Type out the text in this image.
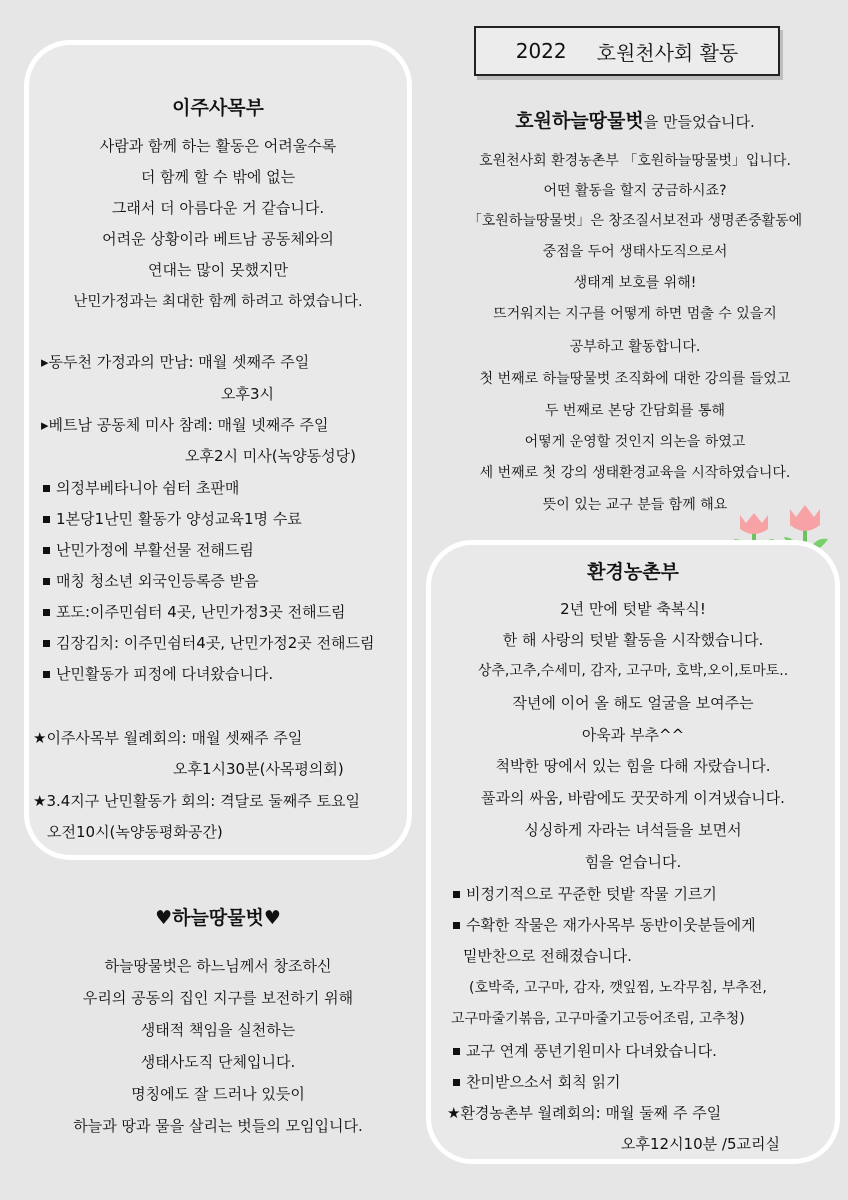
2022 호원천사회 활동
이주사목부
사람과 함께 하는 활동은 어려울수록
더 함께 할 수 밖에 없는
그래서 더 아름다운 거 같습니다.
어려운 상황이라 베트남 공동체와의
연대는 많이 못했지만
난민가정과는 최대한 함께 하려고 하였습니다.
▸동두천 가정과의 만남: 매월 셋째주 주일
오후3시
▸베트남 공동체 미사 참례: 매월 넷째주 주일
오후2시 미사(녹양동성당)
의정부베타니아 쉼터 초판매
1본당1난민 활동가 양성교육1명 수료
난민가정에 부활선물 전해드림
매칭 청소년 외국인등록증 받음
포도:이주민쉼터 4곳, 난민가정3곳 전해드림
김장김치: 이주민쉼터4곳, 난민가정2곳 전해드림
난민활동가 피정에 다녀왔습니다.
★이주사목부 월례회의: 매월 셋째주 주일
오후1시30분(사목평의회)
★3.4지구 난민활동가 회의: 격달로 둘째주 토요일
오전10시(녹양동평화공간)
♥하늘땅물벗♥
하늘땅물벗은 하느님께서 창조하신
우리의 공동의 집인 지구를 보전하기 위해
생태적 책임을 실천하는
생태사도직 단체입니다.
명칭에도 잘 드러나 있듯이
하늘과 땅과 물을 살리는 벗들의 모임입니다.
호원하늘땅물벗을 만들었습니다.
호원천사회 환경농촌부 「호원하늘땅물벗」입니다.
어떤 활동을 할지 궁금하시죠?
「호원하늘땅물벗」은 창조질서보전과 생명존중활동에
중점을 두어 생태사도직으로서
생태계 보호를 위해!
뜨거워지는 지구를 어떻게 하면 멈출 수 있을지
공부하고 활동합니다.
첫 번째로 하늘땅물벗 조직화에 대한 강의를 들었고
두 번째로 본당 간담회를 통해
어떻게 운영할 것인지 의논을 하였고
세 번째로 첫 강의 생태환경교육을 시작하였습니다.
뜻이 있는 교구 분들 함께 해요
환경농촌부
2년 만에 텃밭 축복식!
한 해 사랑의 텃밭 활동을 시작했습니다.
상추,고추,수세미, 감자, 고구마, 호박,오이,토마토..
작년에 이어 올 해도 얼굴을 보여주는
아욱과 부추^^
척박한 땅에서 있는 힘을 다해 자랐습니다.
풀과의 싸움, 바람에도 꿋꿋하게 이겨냈습니다.
싱싱하게 자라는 녀석들을 보면서
힘을 얻습니다.
비정기적으로 꾸준한 텃밭 작물 기르기
수확한 작물은 재가사목부 동반이웃분들에게
밑반찬으로 전해졌습니다.
(호박죽, 고구마, 감자, 깻잎찜, 노각무침, 부추전,
고구마줄기볶음, 고구마줄기고등어조림, 고추청)
교구 연계 풍년기원미사 다녀왔습니다.
찬미받으소서 회칙 읽기
★환경농촌부 월례회의: 매월 둘째 주 주일
오후12시10분 /5교리실
